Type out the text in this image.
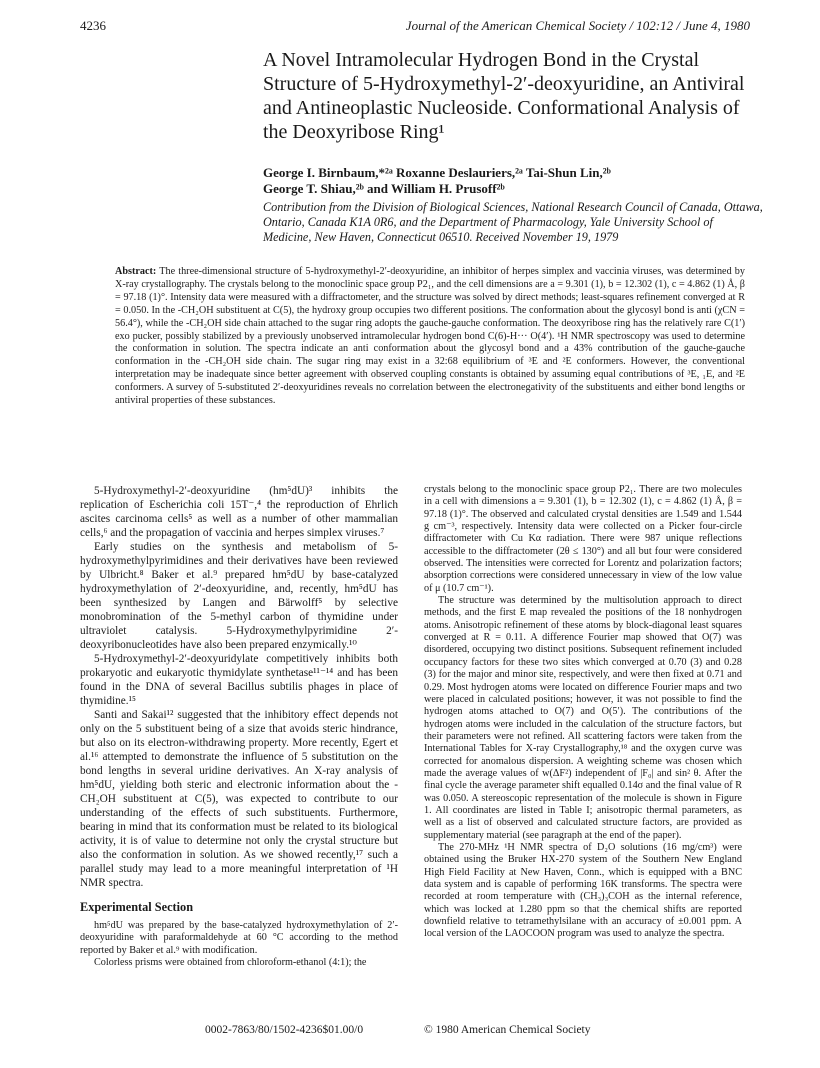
4236	Journal of the American Chemical Society / 102:12 / June 4, 1980
A Novel Intramolecular Hydrogen Bond in the Crystal Structure of 5-Hydroxymethyl-2′-deoxyuridine, an Antiviral and Antineoplastic Nucleoside. Conformational Analysis of the Deoxyribose Ring¹
George I. Birnbaum,*²ᵃ Roxanne Deslauriers,²ᵃ Tai-Shun Lin,²ᵇ
George T. Shiau,²ᵇ and William H. Prusoff²ᵇ
Contribution from the Division of Biological Sciences, National Research Council of Canada, Ottawa, Ontario, Canada K1A 0R6, and the Department of Pharmacology, Yale University School of Medicine, New Haven, Connecticut 06510. Received November 19, 1979
Abstract: The three-dimensional structure of 5-hydroxymethyl-2′-deoxyuridine, an inhibitor of herpes simplex and vaccinia viruses, was determined by X-ray crystallography. The crystals belong to the monoclinic space group P2₁, and the cell dimensions are a = 9.301 (1), b = 12.302 (1), c = 4.862 (1) Å, β = 97.18 (1)°. Intensity data were measured with a diffractometer, and the structure was solved by direct methods; least-squares refinement converged at R = 0.050. In the -CH₂OH substituent at C(5), the hydroxy group occupies two different positions. The conformation about the glycosyl bond is anti (χCN = 56.4°), while the -CH₂OH side chain attached to the sugar ring adopts the gauche-gauche conformation. The deoxyribose ring has the relatively rare C(1′) exo pucker, possibly stabilized by a previously unobserved intramolecular hydrogen bond C(6)-H··· O(4′). ¹H NMR spectroscopy was used to determine the conformation in solution. The spectra indicate an anti conformation about the glycosyl bond and a 43% contribution of the gauche-gauche conformation in the -CH₂OH side chain. The sugar ring may exist in a 32:68 equilibrium of ³E and ²E conformers. However, the conventional interpretation may be inadequate since better agreement with observed coupling constants is obtained by assuming equal contributions of ³E, ₁E, and ²E conformers. A survey of 5-substituted 2′-deoxyuridines reveals no correlation between the electronegativity of the substituents and either bond lengths or antiviral properties of these substances.

5-Hydroxymethyl-2′-deoxyuridine (hm⁵dU)³ inhibits the replication of Escherichia coli 15T⁻,⁴ the reproduction of Ehrlich ascites carcinoma cells⁵ as well as a number of other mammalian cells,⁶ and the propagation of vaccinia and herpes simplex viruses.⁷

Early studies on the synthesis and metabolism of 5-hydroxymethylpyrimidines and their derivatives have been reviewed by Ulbricht.⁸ Baker et al.⁹ prepared hm⁵dU by base-catalyzed hydroxymethylation of 2′-deoxyuridine, and, recently, hm⁵dU has been synthesized by Langen and Bärwolff⁵ by selective monobromination of the 5-methyl carbon of thymidine under ultraviolet catalysis. 5-Hydroxymethylpyrimidine 2′-deoxyribonucleotides have also been prepared enzymically.¹⁰

5-Hydroxymethyl-2′-deoxyuridylate competitively inhibits both prokaryotic and eukaryotic thymidylate synthetase¹¹⁻¹⁴ and has been found in the DNA of several Bacillus subtilis phages in place of thymidine.¹⁵

Santi and Sakai¹² suggested that the inhibitory effect depends not only on the 5 substituent being of a size that avoids steric hindrance, but also on its electron-withdrawing property. More recently, Egert et al.¹⁶ attempted to demonstrate the influence of 5 substitution on the bond lengths in several uridine derivatives. An X-ray analysis of hm⁵dU, yielding both steric and electronic information about the -CH₂OH substituent at C(5), was expected to contribute to our understanding of the effects of such substituents. Furthermore, bearing in mind that its conformation must be related to its biological activity, it is of value to determine not only the crystal structure but also the conformation in solution. As we showed recently,¹⁷ such a parallel study may lead to a more meaningful interpretation of ¹H NMR spectra.

Experimental Section

hm⁵dU was prepared by the base-catalyzed hydroxymethylation of 2′-deoxyuridine with paraformaldehyde at 60 °C according to the method reported by Baker et al.⁹ with modification.

Colorless prisms were obtained from chloroform-ethanol (4:1); the

crystals belong to the monoclinic space group P2₁. There are two molecules in a cell with dimensions a = 9.301 (1), b = 12.302 (1), c = 4.862 (1) Å, β = 97.18 (1)°. The observed and calculated crystal densities are 1.549 and 1.544 g cm⁻³, respectively. Intensity data were collected on a Picker four-circle diffractometer with Cu Kα radiation. There were 987 unique reflections accessible to the diffractometer (2θ ≤ 130°) and all but four were considered observed. The intensities were corrected for Lorentz and polarization factors; absorption corrections were considered unnecessary in view of the low value of μ (10.7 cm⁻¹).

The structure was determined by the multisolution approach to direct methods, and the first E map revealed the positions of the 18 nonhydrogen atoms. Anisotropic refinement of these atoms by block-diagonal least squares converged at R = 0.11. A difference Fourier map showed that O(7) was disordered, occupying two distinct positions. Subsequent refinement included occupancy factors for these two sites which converged at 0.70 (3) and 0.28 (3) for the major and minor site, respectively, and were then fixed at 0.71 and 0.29. Most hydrogen atoms were located on difference Fourier maps and two were placed in calculated positions; however, it was not possible to find the hydrogen atoms attached to O(7) and O(5′). The contributions of the hydrogen atoms were included in the calculation of the structure factors, but their parameters were not refined. All scattering factors were taken from the International Tables for X-ray Crystallography,¹⁸ and the oxygen curve was corrected for anomalous dispersion. A weighting scheme was chosen which made the average values of w(ΔF²) independent of |F₀| and sin² θ. After the final cycle the average parameter shift equalled 0.14σ and the final value of R was 0.050. A stereoscopic representation of the molecule is shown in Figure 1. All coordinates are listed in Table I; anisotropic thermal parameters, as well as a list of observed and calculated structure factors, are provided as supplementary material (see paragraph at the end of the paper).

The 270-MHz ¹H NMR spectra of D₂O solutions (16 mg/cm³) were obtained using the Bruker HX-270 system of the Southern New England High Field Facility at New Haven, Conn., which is equipped with a BNC data system and is capable of performing 16K transforms. The spectra were recorded at room temperature with (CH₃)₃COH as the internal reference, which was locked at 1.280 ppm so that the chemical shifts are reported downfield relative to tetramethylsilane with an accuracy of ±0.001 ppm. A local version of the LAOCOON program was used to analyze the spectra.

0002-7863/80/1502-4236$01.00/0	© 1980 American Chemical Society
